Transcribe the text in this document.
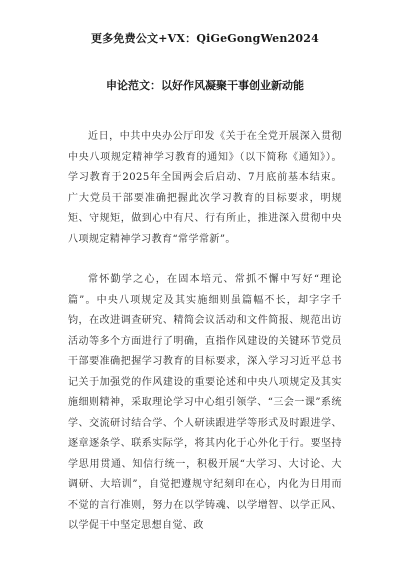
更多免费公文+VX：QiGeGongWen2024
申论范文：以好作风凝聚干事创业新动能

近日，中共中央办公厅印发《关于在全党开展深入贯彻中央八项规定精神学习教育的通知》（以下简称《通知》）。学习教育于2025年全国两会后启动、7月底前基本结束。广大党员干部要准确把握此次学习教育的目标要求，明规矩、守规矩，做到心中有尺、行有所止，推进深入贯彻中央八项规定精神学习教育“常学常新”。

常怀勤学之心，在固本培元、常抓不懈中写好“理论篇”。中央八项规定及其实施细则虽篇幅不长，却字字千钧，在改进调查研究、精简会议活动和文件简报、规范出访活动等多个方面进行了明确，直指作风建设的关键环节党员干部要准确把握学习教育的目标要求，深入学习习近平总书记关于加强党的作风建设的重要论述和中央八项规定及其实施细则精神，采取理论学习中心组引领学、“三会一课”系统学、交流研讨结合学、个人研读跟进学等形式及时跟进学、逐章逐条学、联系实际学，将其内化于心外化于行。要坚持学思用贯通、知信行统一，积极开展“大学习、大讨论、大调研、大培训”，自觉把遵规守纪刻印在心，内化为日用而不觉的言行准则，努力在以学铸魂、以学增智、以学正风、以学促干中坚定思想自觉、政
